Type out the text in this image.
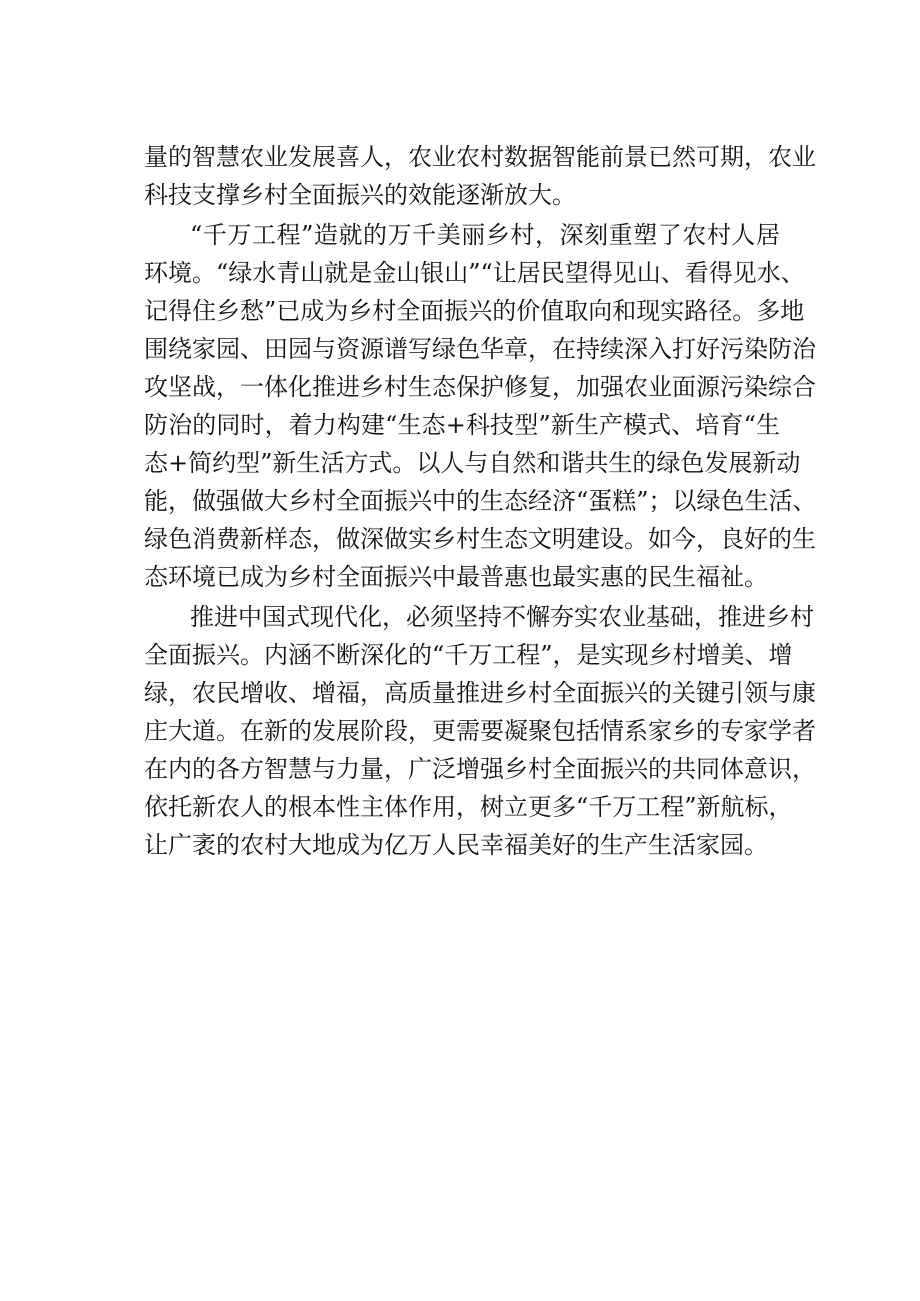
量的智慧农业发展喜人，农业农村数据智能前景已然可期，农业
科技支撑乡村全面振兴的效能逐渐放大。
“千万工程”造就的万千美丽乡村，深刻重塑了农村人居
环境。“绿水青山就是金山银山”“让居民望得见山、看得见水、
记得住乡愁”已成为乡村全面振兴的价值取向和现实路径。多地
围绕家园、田园与资源谱写绿色华章，在持续深入打好污染防治
攻坚战，一体化推进乡村生态保护修复，加强农业面源污染综合
防治的同时，着力构建“生态+科技型”新生产模式、培育“生
态+简约型”新生活方式。以人与自然和谐共生的绿色发展新动
能，做强做大乡村全面振兴中的生态经济“蛋糕”；以绿色生活、
绿色消费新样态，做深做实乡村生态文明建设。如今，良好的生
态环境已成为乡村全面振兴中最普惠也最实惠的民生福祉。
推进中国式现代化，必须坚持不懈夯实农业基础，推进乡村
全面振兴。内涵不断深化的“千万工程”，是实现乡村增美、增
绿，农民增收、增福，高质量推进乡村全面振兴的关键引领与康
庄大道。在新的发展阶段，更需要凝聚包括情系家乡的专家学者
在内的各方智慧与力量，广泛增强乡村全面振兴的共同体意识，
依托新农人的根本性主体作用，树立更多“千万工程”新航标，
让广袤的农村大地成为亿万人民幸福美好的生产生活家园。
